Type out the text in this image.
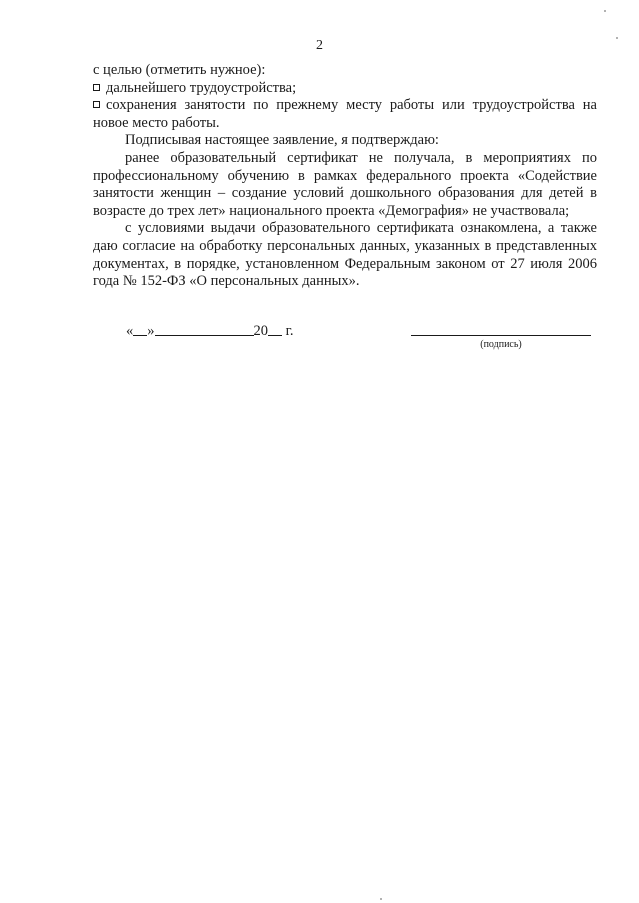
2

с целью (отметить нужное):

дальнейшего трудоустройства;

сохранения занятости по прежнему месту работы или трудоустройства на новое место работы.

Подписывая настоящее заявление, я подтверждаю:

ранее образовательный сертификат не получала, в мероприятиях по профессиональному обучению в рамках федерального проекта «Содействие занятости женщин – создание условий дошкольного образования для детей в возрасте до трех лет» национального проекта «Демография» не участвовала;

с условиями выдачи образовательного сертификата ознакомлена, а также даю согласие на обработку персональных данных, указанных в представленных документах, в порядке, установленном Федеральным законом от 27 июля 2006 года № 152-ФЗ «О персональных данных».

« »	20 г.
(подпись)
